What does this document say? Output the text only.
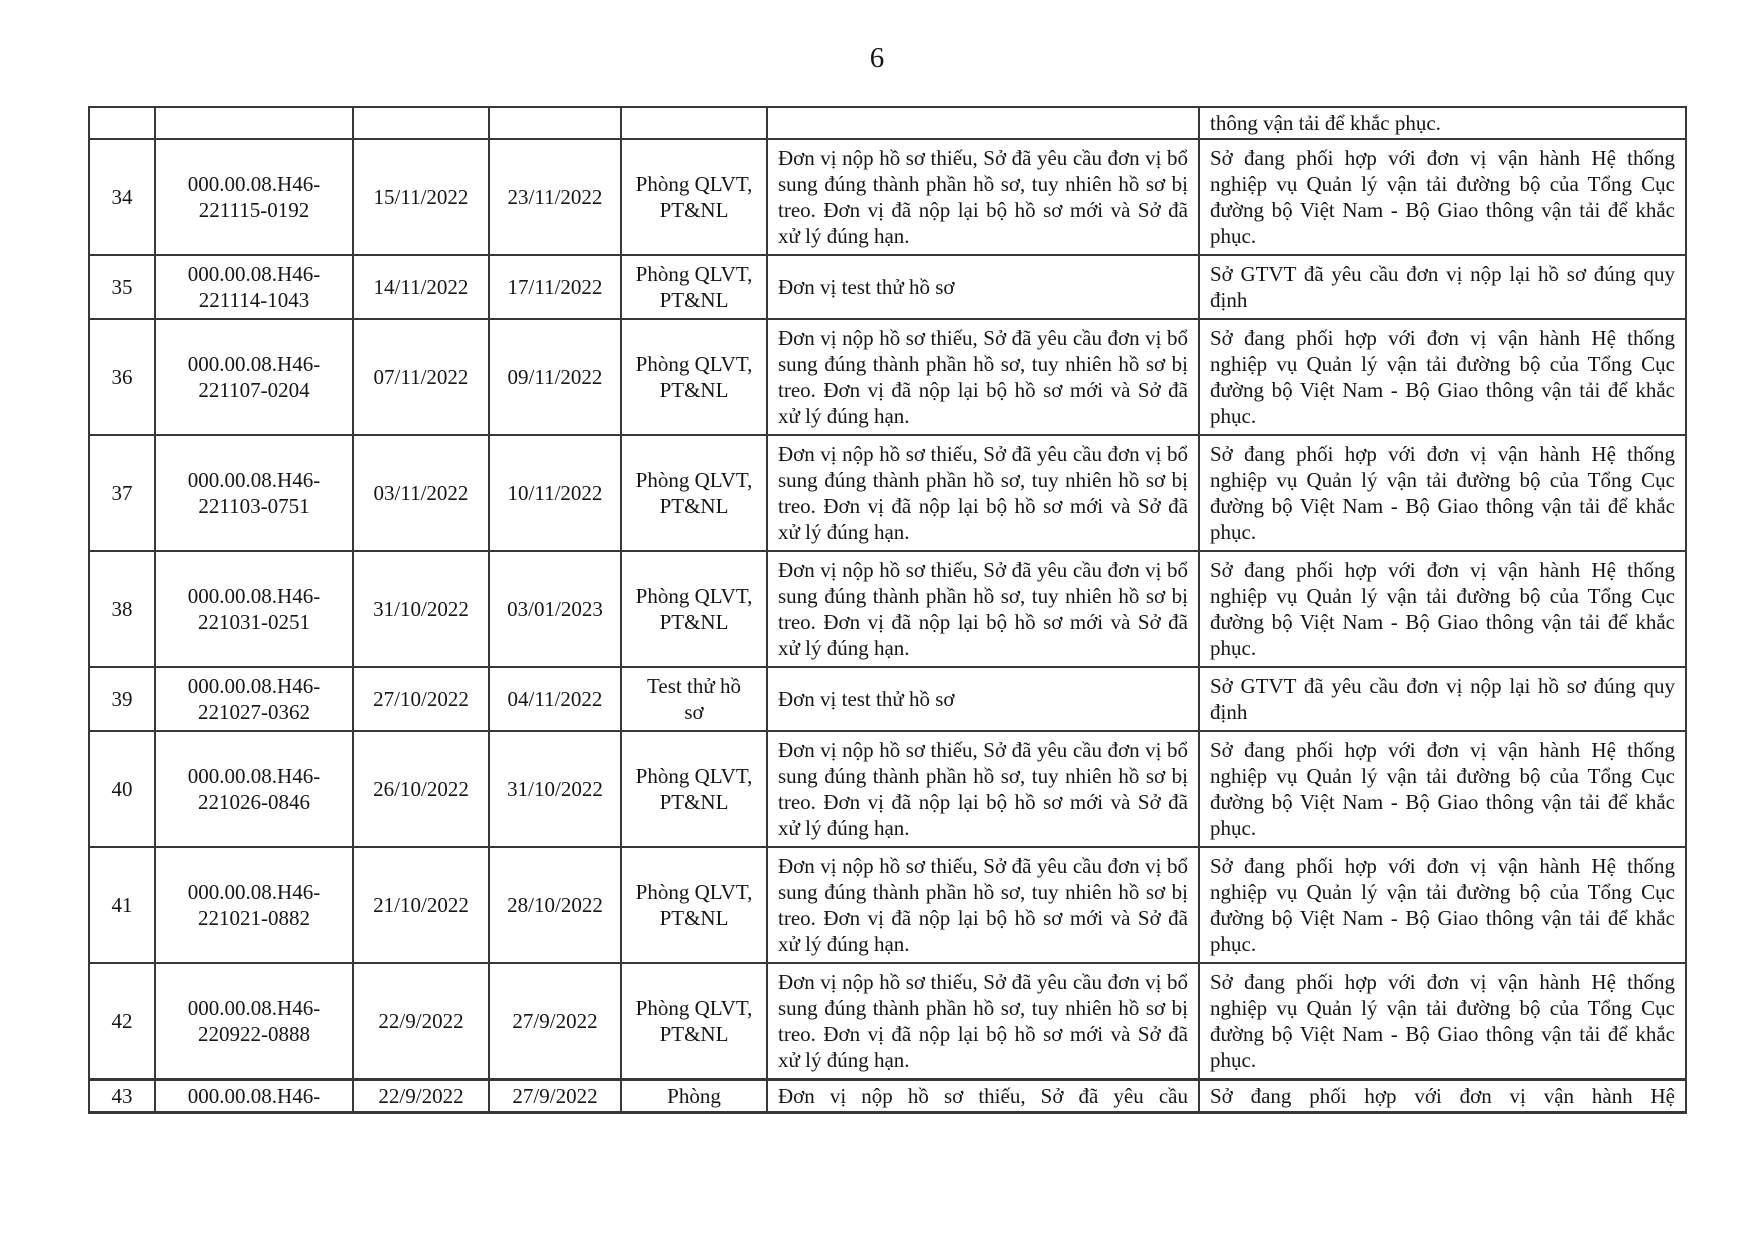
6
						thông vận tải để khắc phục.
34	000.00.08.H46-221115-0192	15/11/2022	23/11/2022	Phòng QLVT, PT&NL	Đơn vị nộp hồ sơ thiếu, Sở đã yêu cầu đơn vị bổ sung đúng thành phần hồ sơ, tuy nhiên hồ sơ bị treo. Đơn vị đã nộp lại bộ hồ sơ mới và Sở đã xử lý đúng hạn.	Sở đang phối hợp với đơn vị vận hành Hệ thống nghiệp vụ Quản lý vận tải đường bộ của Tổng Cục đường bộ Việt Nam - Bộ Giao thông vận tải để khắc phục.
35	000.00.08.H46-221114-1043	14/11/2022	17/11/2022	Phòng QLVT, PT&NL	Đơn vị test thử hồ sơ	Sở GTVT đã yêu cầu đơn vị nộp lại hồ sơ đúng quy định
36	000.00.08.H46-221107-0204	07/11/2022	09/11/2022	Phòng QLVT, PT&NL	Đơn vị nộp hồ sơ thiếu, Sở đã yêu cầu đơn vị bổ sung đúng thành phần hồ sơ, tuy nhiên hồ sơ bị treo. Đơn vị đã nộp lại bộ hồ sơ mới và Sở đã xử lý đúng hạn.	Sở đang phối hợp với đơn vị vận hành Hệ thống nghiệp vụ Quản lý vận tải đường bộ của Tổng Cục đường bộ Việt Nam - Bộ Giao thông vận tải để khắc phục.
37	000.00.08.H46-221103-0751	03/11/2022	10/11/2022	Phòng QLVT, PT&NL	Đơn vị nộp hồ sơ thiếu, Sở đã yêu cầu đơn vị bổ sung đúng thành phần hồ sơ, tuy nhiên hồ sơ bị treo. Đơn vị đã nộp lại bộ hồ sơ mới và Sở đã xử lý đúng hạn.	Sở đang phối hợp với đơn vị vận hành Hệ thống nghiệp vụ Quản lý vận tải đường bộ của Tổng Cục đường bộ Việt Nam - Bộ Giao thông vận tải để khắc phục.
38	000.00.08.H46-221031-0251	31/10/2022	03/01/2023	Phòng QLVT, PT&NL	Đơn vị nộp hồ sơ thiếu, Sở đã yêu cầu đơn vị bổ sung đúng thành phần hồ sơ, tuy nhiên hồ sơ bị treo. Đơn vị đã nộp lại bộ hồ sơ mới và Sở đã xử lý đúng hạn.	Sở đang phối hợp với đơn vị vận hành Hệ thống nghiệp vụ Quản lý vận tải đường bộ của Tổng Cục đường bộ Việt Nam - Bộ Giao thông vận tải để khắc phục.
39	000.00.08.H46-221027-0362	27/10/2022	04/11/2022	Test thử hồ sơ	Đơn vị test thử hồ sơ	Sở GTVT đã yêu cầu đơn vị nộp lại hồ sơ đúng quy định
40	000.00.08.H46-221026-0846	26/10/2022	31/10/2022	Phòng QLVT, PT&NL	Đơn vị nộp hồ sơ thiếu, Sở đã yêu cầu đơn vị bổ sung đúng thành phần hồ sơ, tuy nhiên hồ sơ bị treo. Đơn vị đã nộp lại bộ hồ sơ mới và Sở đã xử lý đúng hạn.	Sở đang phối hợp với đơn vị vận hành Hệ thống nghiệp vụ Quản lý vận tải đường bộ của Tổng Cục đường bộ Việt Nam - Bộ Giao thông vận tải để khắc phục.
41	000.00.08.H46-221021-0882	21/10/2022	28/10/2022	Phòng QLVT, PT&NL	Đơn vị nộp hồ sơ thiếu, Sở đã yêu cầu đơn vị bổ sung đúng thành phần hồ sơ, tuy nhiên hồ sơ bị treo. Đơn vị đã nộp lại bộ hồ sơ mới và Sở đã xử lý đúng hạn.	Sở đang phối hợp với đơn vị vận hành Hệ thống nghiệp vụ Quản lý vận tải đường bộ của Tổng Cục đường bộ Việt Nam - Bộ Giao thông vận tải để khắc phục.
42	000.00.08.H46-220922-0888	22/9/2022	27/9/2022	Phòng QLVT, PT&NL	Đơn vị nộp hồ sơ thiếu, Sở đã yêu cầu đơn vị bổ sung đúng thành phần hồ sơ, tuy nhiên hồ sơ bị treo. Đơn vị đã nộp lại bộ hồ sơ mới và Sở đã xử lý đúng hạn.	Sở đang phối hợp với đơn vị vận hành Hệ thống nghiệp vụ Quản lý vận tải đường bộ của Tổng Cục đường bộ Việt Nam - Bộ Giao thông vận tải để khắc phục.
43	000.00.08.H46-	22/9/2022	27/9/2022	Phòng	Đơn vị nộp hồ sơ thiếu, Sở đã yêu cầu	Sở đang phối hợp với đơn vị vận hành Hệ
